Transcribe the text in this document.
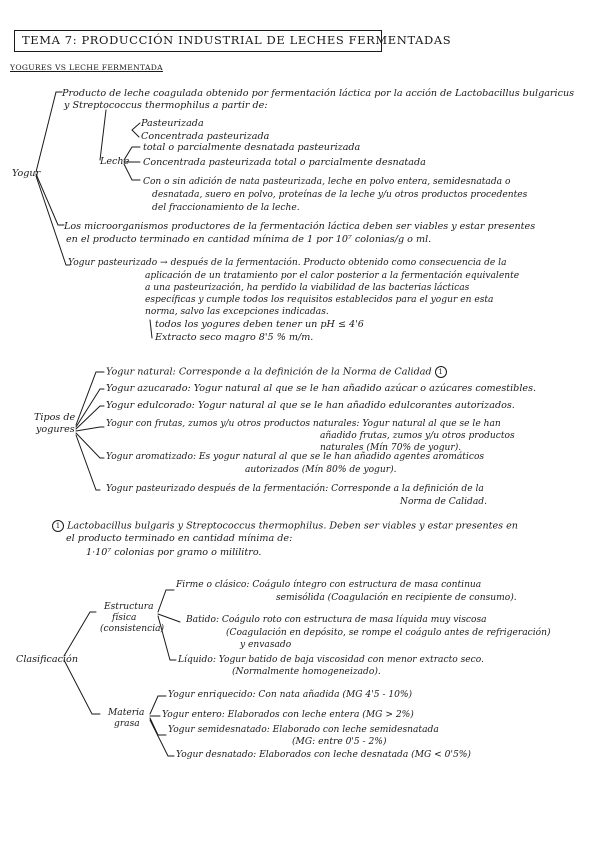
TEMA 7: PRODUCCIÓN INDUSTRIAL DE LECHES FERMENTADAS
YOGURES VS LECHE FERMENTADA
Yogur
Producto de leche coagulada obtenido por fermentación láctica por la acción de Lactobacillus bulgaricus
y Streptococcus thermophilus a partir de:
Pasteurizada
Concentrada pasteurizada
Leche
total o parcialmente desnatada pasteurizada
Concentrada pasteurizada total o parcialmente desnatada
Con o sin adición de nata pasteurizada, leche en polvo entera, semidesnatada o
desnatada, suero en polvo, proteínas de la leche y/u otros productos procedentes
del fraccionamiento de la leche.
Los microorganismos productores de la fermentación láctica deben ser viables y estar presentes
en el producto terminado en cantidad mínima de 1 por 10⁷ colonias/g o ml.
Yogur pasteurizado → después de la fermentación. Producto obtenido como consecuencia de la
aplicación de un tratamiento por el calor posterior a la fermentación equivalente
a una pasteurización, ha perdido la viabilidad de las bacterias lácticas
específicas y cumple todos los requisitos establecidos para el yogur en esta
norma, salvo las excepciones indicadas.
todos los yogures deben tener un pH ≤ 4'6
Extracto seco magro 8'5 % m/m.
Tipos de
yogures
Yogur natural: Corresponde a la definición de la Norma de Calidad 1
Yogur azucarado: Yogur natural al que se le han añadido azúcar o azúcares comestibles.
Yogur edulcorado: Yogur natural al que se le han añadido edulcorantes autorizados.
Yogur con frutas, zumos y/u otros productos naturales: Yogur natural al que se le han
añadido frutas, zumos y/u otros productos
naturales (Mín 70% de yogur).
Yogur aromatizado: Es yogur natural al que se le han añadido agentes aromáticos
autorizados (Mín 80% de yogur).
Yogur pasteurizado después de la fermentación: Corresponde a la definición de la
Norma de Calidad.
1 Lactobacillus bulgaris y Streptococcus thermophilus. Deben ser viables y estar presentes en
el producto terminado en cantidad mínima de:
1·10⁷ colonias por gramo o mililitro.
Clasificación
Estructura
física
(consistencia)
Firme o clásico: Coágulo íntegro con estructura de masa continua
semisólida (Coagulación en recipiente de consumo).
Batido: Coágulo roto con estructura de masa líquida muy viscosa
(Coagulación en depósito, se rompe el coágulo antes de refrigeración)
y envasado
Líquido: Yogur batido de baja viscosidad con menor extracto seco.
(Normalmente homogeneizado).
Materia
grasa
Yogur enriquecido: Con nata añadida (MG 4'5 - 10%)
Yogur entero: Elaborados con leche entera (MG > 2%)
Yogur semidesnatado: Elaborado con leche semidesnatada
(MG: entre 0'5 - 2%)
Yogur desnatado: Elaborados con leche desnatada (MG < 0'5%)
